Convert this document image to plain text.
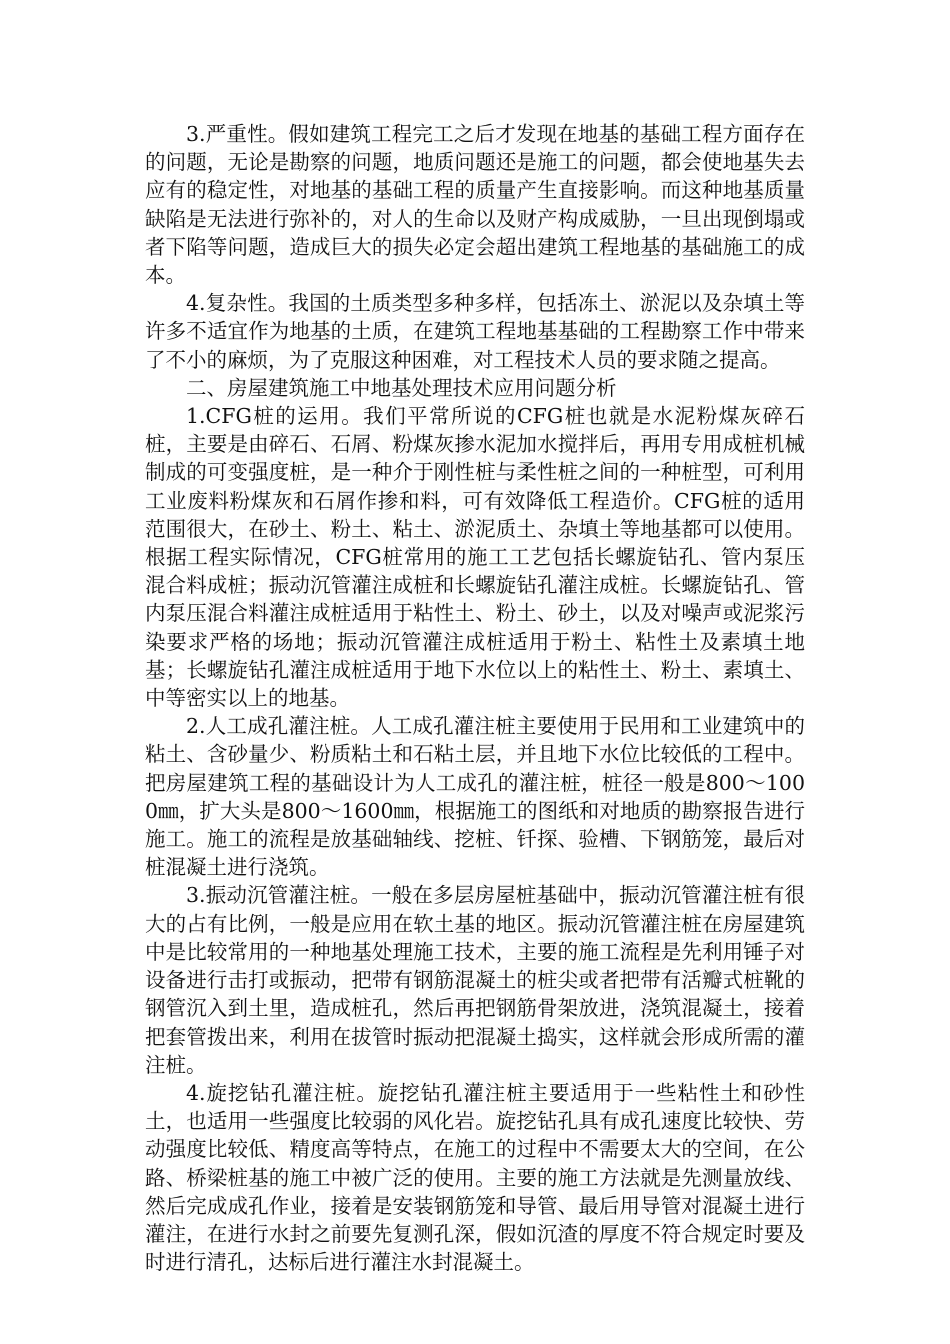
3.严重性。假如建筑工程完工之后才发现在地基的基础工程方面存在的问题，无论是勘察的问题，地质问题还是施工的问题，都会使地基失去应有的稳定性，对地基的基础工程的质量产生直接影响。而这种地基质量缺陷是无法进行弥补的，对人的生命以及财产构成威胁，一旦出现倒塌或者下陷等问题，造成巨大的损失必定会超出建筑工程地基的基础施工的成本。

4.复杂性。我国的土质类型多种多样，包括冻土、淤泥以及杂填土等许多不适宜作为地基的土质，在建筑工程地基基础的工程勘察工作中带来了不小的麻烦，为了克服这种困难，对工程技术人员的要求随之提高。

二、房屋建筑施工中地基处理技术应用问题分析

1.CFG桩的运用。我们平常所说的CFG桩也就是水泥粉煤灰碎石桩，主要是由碎石、石屑、粉煤灰掺水泥加水搅拌后，再用专用成桩机械制成的可变强度桩，是一种介于刚性桩与柔性桩之间的一种桩型，可利用工业废料粉煤灰和石屑作掺和料，可有效降低工程造价。CFG桩的适用范围很大，在砂土、粉土、粘土、淤泥质土、杂填土等地基都可以使用。根据工程实际情况，CFG桩常用的施工工艺包括长螺旋钻孔、管内泵压混合料成桩；振动沉管灌注成桩和长螺旋钻孔灌注成桩。长螺旋钻孔、管内泵压混合料灌注成桩适用于粘性土、粉土、砂土，以及对噪声或泥浆污染要求严格的场地；振动沉管灌注成桩适用于粉土、粘性土及素填土地基；长螺旋钻孔灌注成桩适用于地下水位以上的粘性土、粉土、素填土、中等密实以上的地基。

2.人工成孔灌注桩。人工成孔灌注桩主要使用于民用和工业建筑中的粘土、含砂量少、粉质粘土和石粘土层，并且地下水位比较低的工程中。把房屋建筑工程的基础设计为人工成孔的灌注桩，桩径一般是800～1000㎜，扩大头是800～1600㎜，根据施工的图纸和对地质的勘察报告进行施工。施工的流程是放基础轴线、挖桩、钎探、验槽、下钢筋笼，最后对桩混凝土进行浇筑。

3.振动沉管灌注桩。一般在多层房屋桩基础中，振动沉管灌注桩有很大的占有比例，一般是应用在软土基的地区。振动沉管灌注桩在房屋建筑中是比较常用的一种地基处理施工技术，主要的施工流程是先利用锤子对设备进行击打或振动，把带有钢筋混凝土的桩尖或者把带有活瓣式桩靴的钢管沉入到土里，造成桩孔，然后再把钢筋骨架放进，浇筑混凝土，接着把套管拨出来，利用在拔管时振动把混凝土捣实，这样就会形成所需的灌注桩。

4.旋挖钻孔灌注桩。旋挖钻孔灌注桩主要适用于一些粘性土和砂性土，也适用一些强度比较弱的风化岩。旋挖钻孔具有成孔速度比较快、劳动强度比较低、精度高等特点，在施工的过程中不需要太大的空间，在公路、桥梁桩基的施工中被广泛的使用。主要的施工方法就是先测量放线、然后完成成孔作业，接着是安装钢筋笼和导管、最后用导管对混凝土进行灌注，在进行水封之前要先复测孔深，假如沉渣的厚度不符合规定时要及时进行清孔，达标后进行灌注水封混凝土。
